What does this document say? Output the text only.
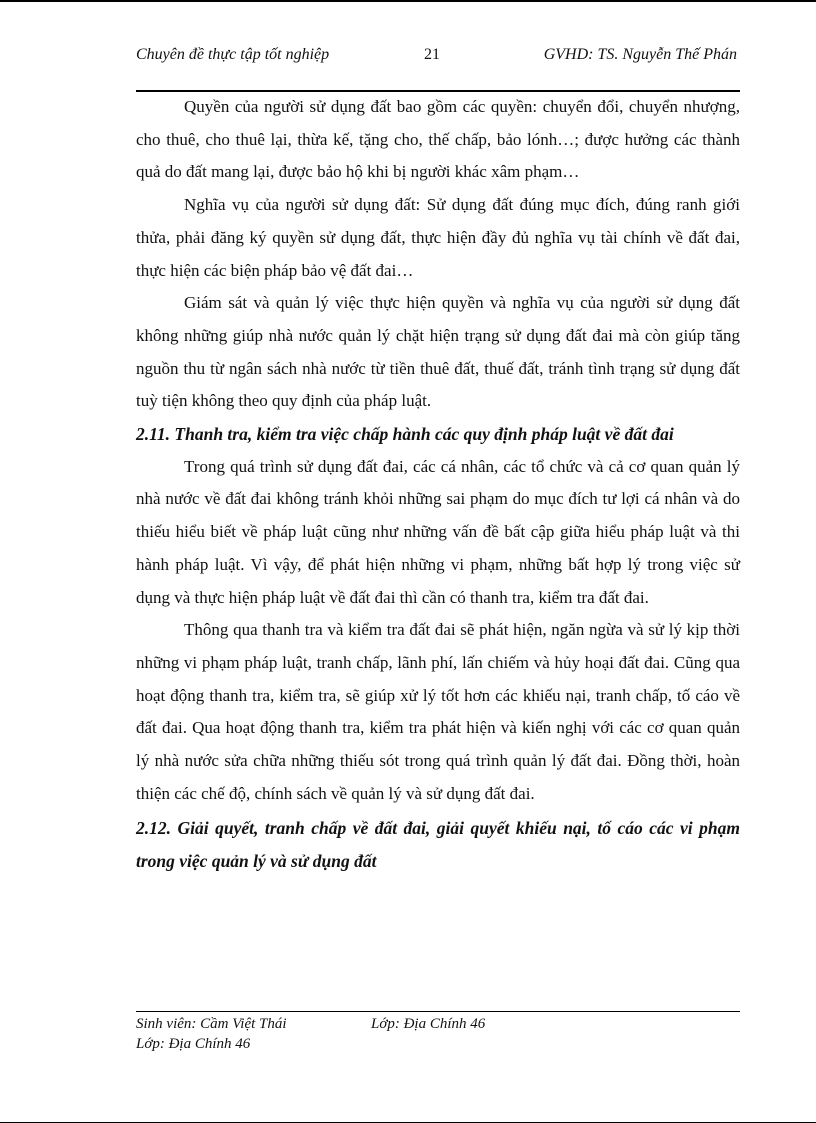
Chuyên đề thực tập tốt nghiệp	21	GVHD: TS. Nguyễn Thế Phán

Quyền của người sử dụng đất bao gồm các quyền: chuyển đổi, chuyển nhượng, cho thuê, cho thuê lại, thừa kế, tặng cho, thế chấp, bảo lónh…; được hưởng các thành quả do đất mang lại, được bảo hộ khi bị người khác xâm phạm…

Nghĩa vụ của người sử dụng đất: Sử dụng đất đúng mục đích, đúng ranh giới thửa, phải đăng ký quyền sử dụng đất, thực hiện đầy đủ nghĩa vụ tài chính về đất đai, thực hiện các biện pháp bảo vệ đất đai…

Giám sát và quản lý việc thực hiện quyền và nghĩa vụ của người sử dụng đất không những giúp nhà nước quản lý chặt hiện trạng sử dụng đất đai mà còn giúp tăng nguồn thu từ ngân sách nhà nước từ tiền thuê đất, thuế đất, tránh tình trạng sử dụng đất tuỳ tiện không theo quy định của pháp luật.

2.11. Thanh tra, kiểm tra việc chấp hành các quy định pháp luật về đất đai

Trong quá trình sử dụng đất đai, các cá nhân, các tổ chức và cả cơ quan quản lý nhà nước về đất đai không tránh khỏi những sai phạm do mục đích tư lợi cá nhân và do thiếu hiểu biết về pháp luật cũng như những vấn đề bất cập giữa hiểu pháp luật và thi hành pháp luật. Vì vậy, để phát hiện những vi phạm, những bất hợp lý trong việc sử dụng và thực hiện pháp luật về đất đai thì cần có thanh tra, kiểm tra đất đai.

Thông qua thanh tra và kiểm tra đất đai sẽ phát hiện, ngăn ngừa và sử lý kịp thời những vi phạm pháp luật, tranh chấp, lãnh phí, lấn chiếm và hủy hoại đất đai. Cũng qua hoạt động thanh tra, kiểm tra, sẽ giúp xử lý tốt hơn các khiếu nại, tranh chấp, tố cáo về đất đai. Qua hoạt động thanh tra, kiểm tra phát hiện và kiến nghị với các cơ quan quản lý nhà nước sửa chữa những thiếu sót trong quá trình quản lý đất đai. Đồng thời, hoàn thiện các chế độ, chính sách về quản lý và sử dụng đất đai.

2.12. Giải quyết, tranh chấp về đất đai, giải quyết khiếu nại, tố cáo các vi phạm trong việc quản lý và sử dụng đất
Sinh viên: Cầm Việt Thái	Lớp: Địa Chính 46
Lớp: Địa Chính 46
